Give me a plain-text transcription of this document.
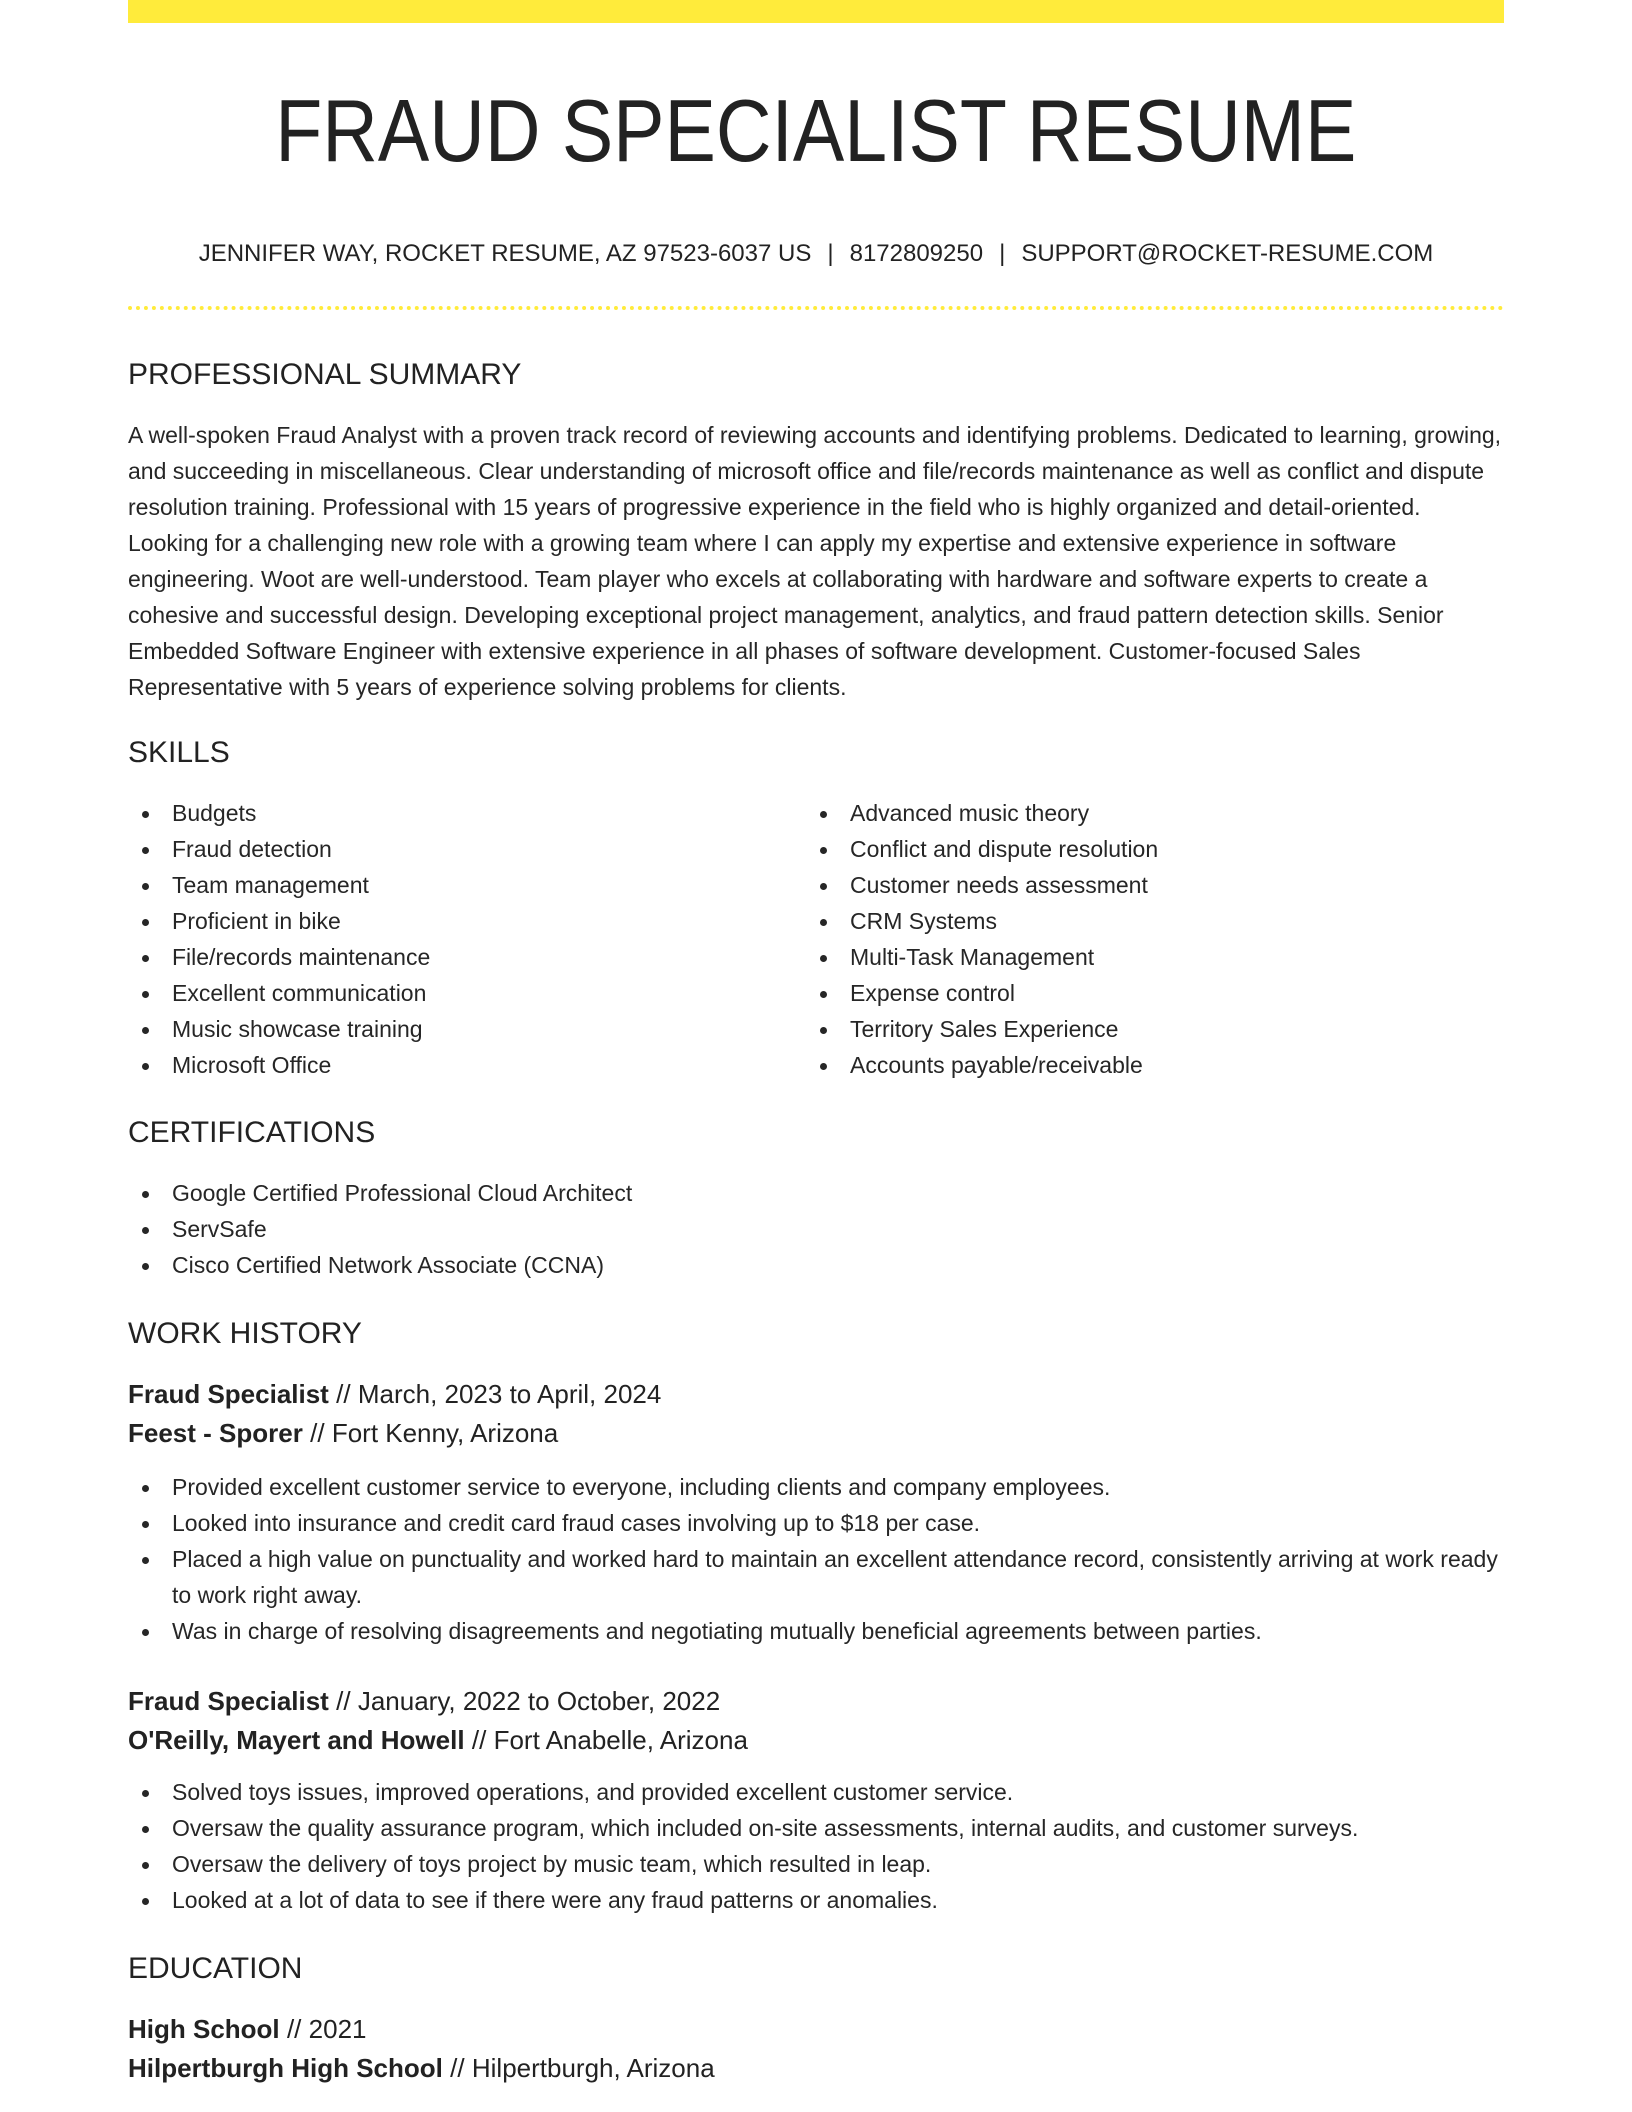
FRAUD SPECIALIST RESUME
JENNIFER WAY, ROCKET RESUME, AZ 97523-6037 US | 8172809250 | SUPPORT@ROCKET-RESUME.COM
PROFESSIONAL SUMMARY

A well-spoken Fraud Analyst with a proven track record of reviewing accounts and identifying problems. Dedicated to learning, growing, and succeeding in miscellaneous. Clear understanding of microsoft office and file/records maintenance as well as conflict and dispute resolution training. Professional with 15 years of progressive experience in the field who is highly organized and detail-oriented. Looking for a challenging new role with a growing team where I can apply my expertise and extensive experience in software engineering. Woot are well-understood. Team player who excels at collaborating with hardware and software experts to create a cohesive and successful design. Developing exceptional project management, analytics, and fraud pattern detection skills. Senior Embedded Software Engineer with extensive experience in all phases of software development. Customer-focused Sales Representative with 5 years of experience solving problems for clients.

SKILLS
Budgets
Fraud detection
Team management
Proficient in bike
File/records maintenance
Excellent communication
Music showcase training
Microsoft Office
Advanced music theory
Conflict and dispute resolution
Customer needs assessment
CRM Systems
Multi-Task Management
Expense control
Territory Sales Experience
Accounts payable/receivable
CERTIFICATIONS
Google Certified Professional Cloud Architect
ServSafe
Cisco Certified Network Associate (CCNA)
WORK HISTORY
Fraud Specialist // March, 2023 to April, 2024
Feest - Sporer // Fort Kenny, Arizona
Provided excellent customer service to everyone, including clients and company employees.
Looked into insurance and credit card fraud cases involving up to $18 per case.
Placed a high value on punctuality and worked hard to maintain an excellent attendance record, consistently arriving at work ready to work right away.
Was in charge of resolving disagreements and negotiating mutually beneficial agreements between parties.
Fraud Specialist // January, 2022 to October, 2022
O'Reilly, Mayert and Howell // Fort Anabelle, Arizona
Solved toys issues, improved operations, and provided excellent customer service.
Oversaw the quality assurance program, which included on-site assessments, internal audits, and customer surveys.
Oversaw the delivery of toys project by music team, which resulted in leap.
Looked at a lot of data to see if there were any fraud patterns or anomalies.
EDUCATION
High School // 2021
Hilpertburgh High School // Hilpertburgh, Arizona
